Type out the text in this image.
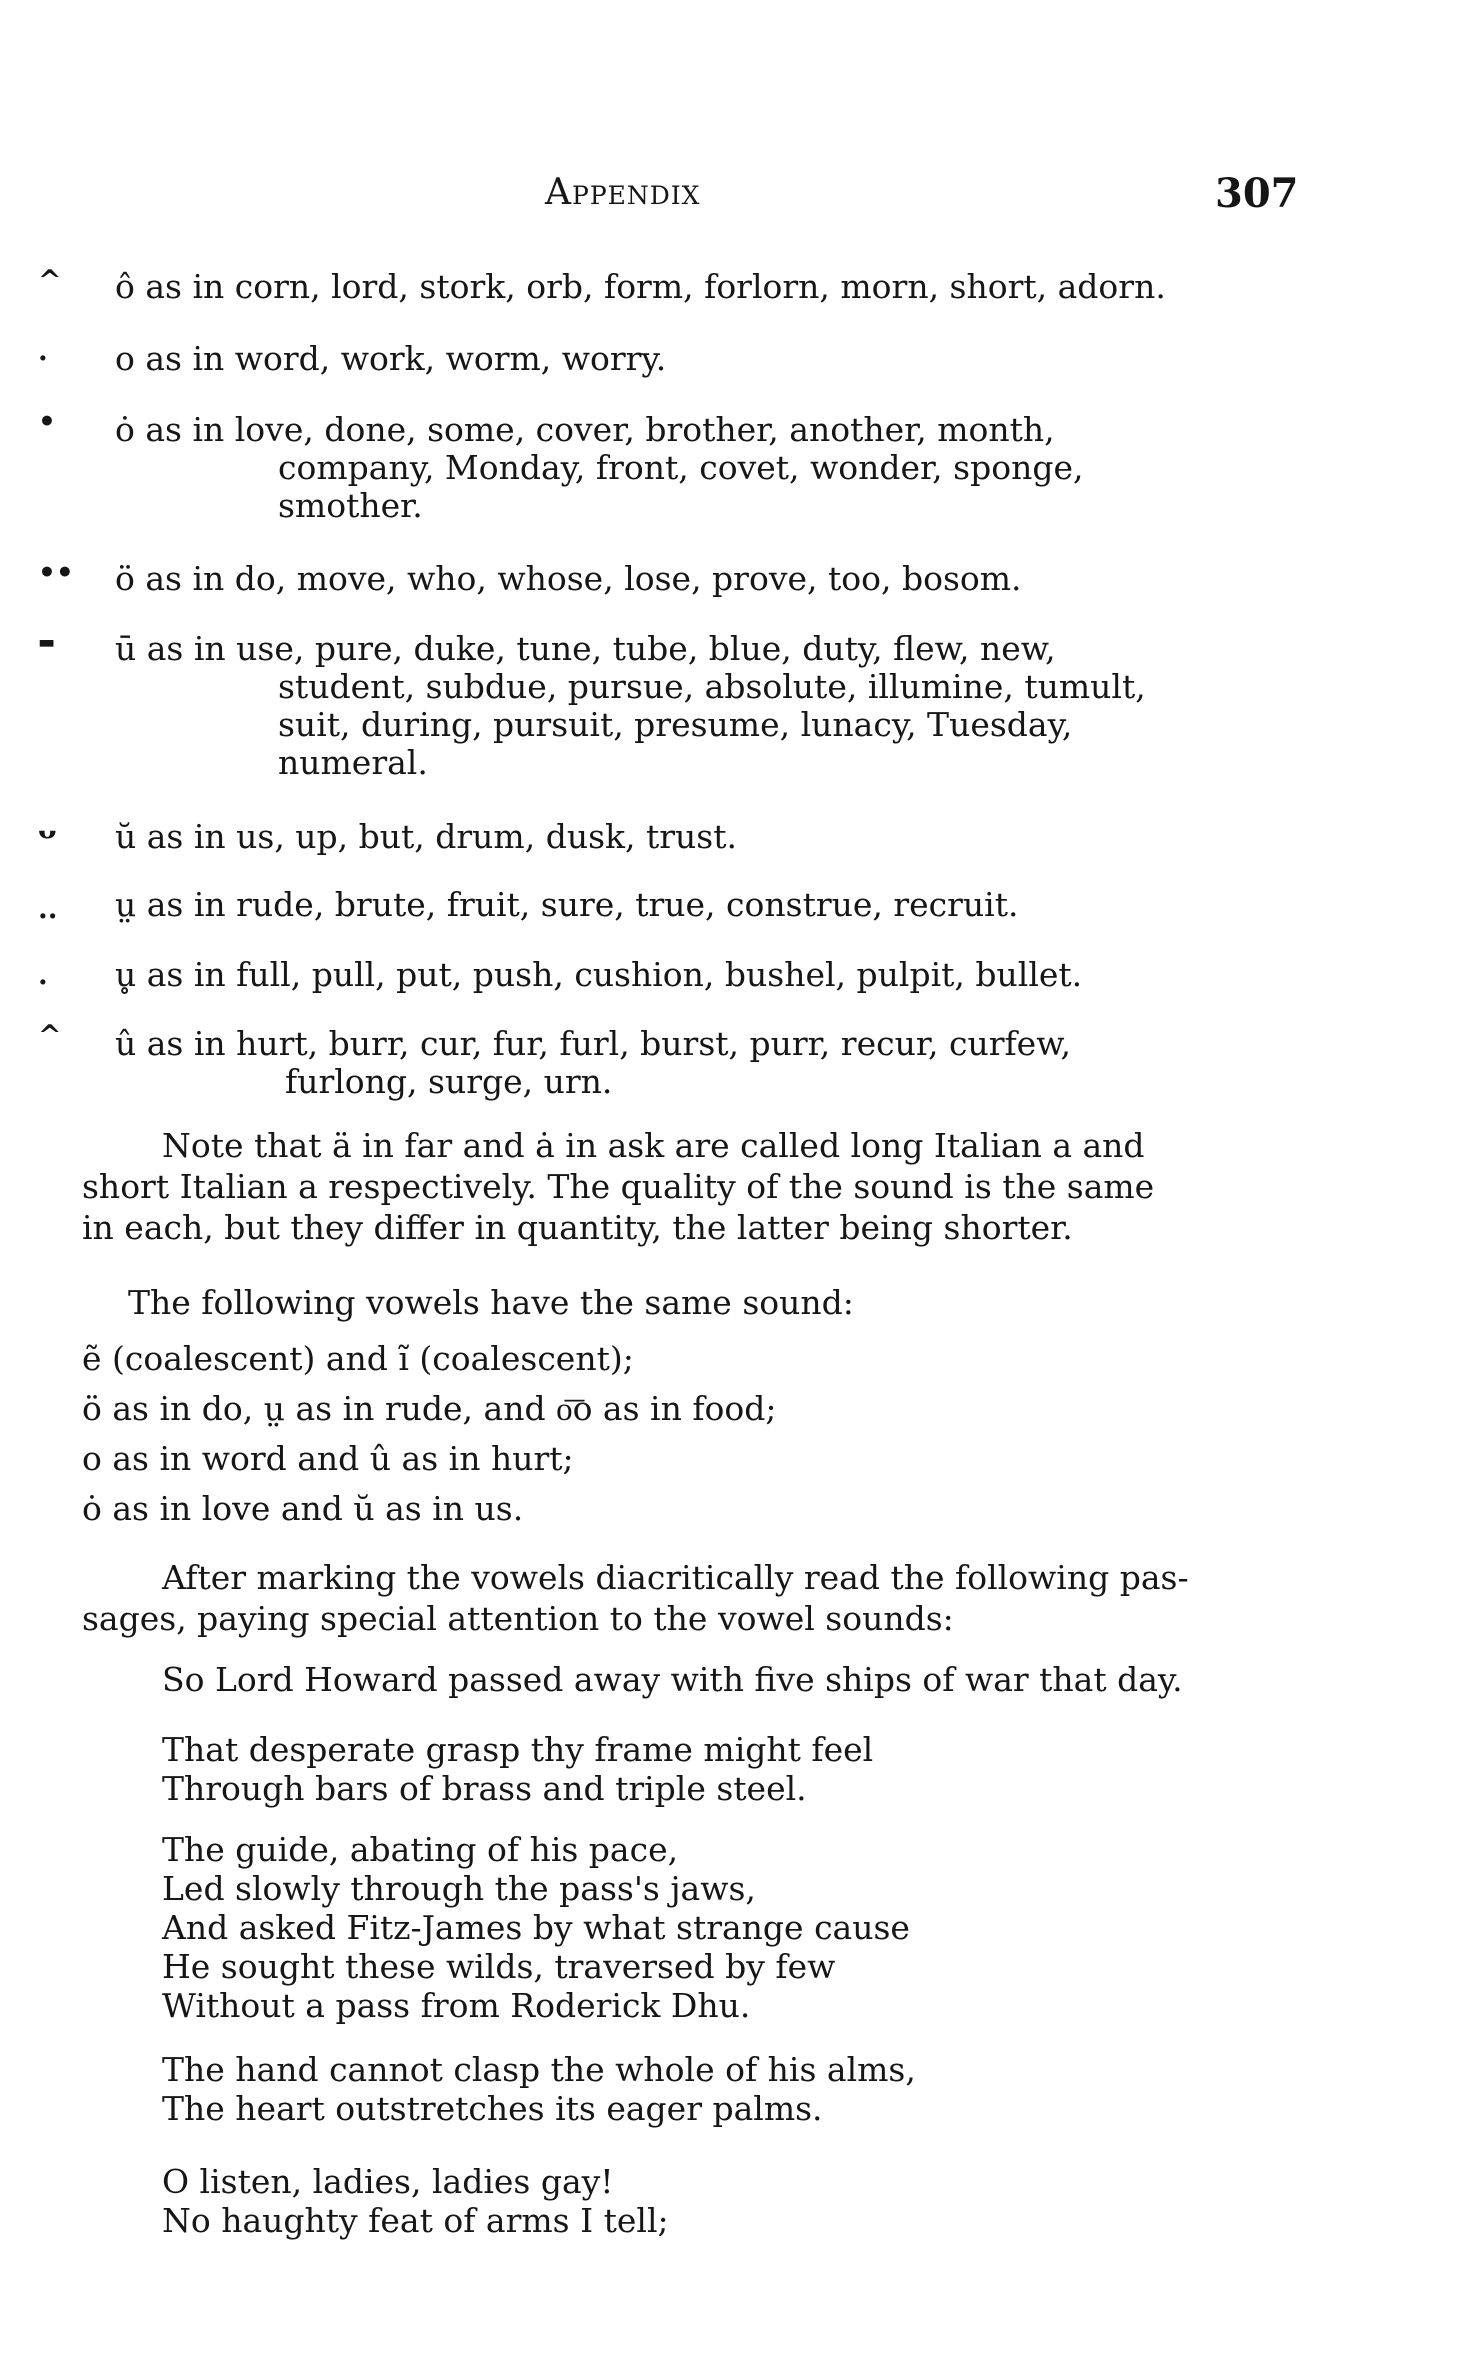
Appendix	307
^	ô as in corn, lord, stork, orb, form, forlorn, morn, short, adorn.
.	o as in word, work, worm, worry.
•	ȯ as in love, done, some, cover, brother, another, month,
company, Monday, front, covet, wonder, sponge,
smother.
•• ö as in do, move, who, whose, lose, prove, too, bosom.
▬	ū as in use, pure, duke, tune, tube, blue, duty, flew, new,
student, subdue, pursue, absolute, illumine, tumult,
suit, during, pursuit, presume, lunacy, Tuesday,
numeral.
ᴗ	ŭ as in us, up, but, drum, dusk, trust.
..	ṳ as in rude, brute, fruit, sure, true, construe, recruit.
.	u̥ as in full, pull, put, push, cushion, bushel, pulpit, bullet.
^	û as in hurt, burr, cur, fur, furl, burst, purr, recur, curfew,
furlong, surge, urn.
Note that ä in far and ȧ in ask are called long Italian a and
short Italian a respectively. The quality of the sound is the same
in each, but they differ in quantity, the latter being shorter.
The following vowels have the same sound:
ẽ (coalescent) and ĩ (coalescent);
ö as in do, ṳ as in rude, and o͞o as in food;
o as in word and û as in hurt;
ȯ as in love and ŭ as in us.
After marking the vowels diacritically read the following pas-
sages, paying special attention to the vowel sounds:
So Lord Howard passed away with five ships of war that day.
That desperate grasp thy frame might feel
Through bars of brass and triple steel.
The guide, abating of his pace,
Led slowly through the pass's jaws,
And asked Fitz-James by what strange cause
He sought these wilds, traversed by few
Without a pass from Roderick Dhu.
The hand cannot clasp the whole of his alms,
The heart outstretches its eager palms.
O listen, ladies, ladies gay!
No haughty feat of arms I tell;
